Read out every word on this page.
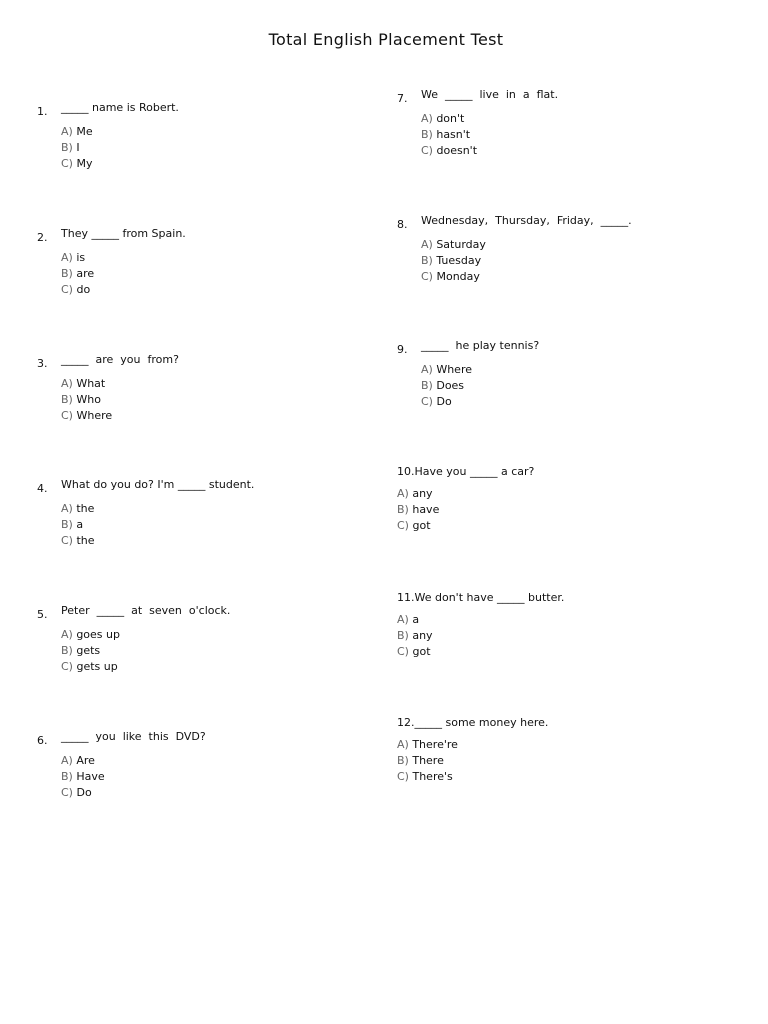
Total English Placement Test
1. _____ name is Robert.
A) Me
B) I
C) My
2. They _____ from Spain.
A) is
B) are
C) do
3. _____  are  you  from?
A) What
B) Who
C) Where
4. What do you do? I'm _____ student.
A) the
B) a
C) the
5. Peter  _____  at  seven  o'clock.
A) goes up
B) gets
C) gets up
6. _____  you  like  this  DVD?
A) Are
B) Have
C) Do
7. We  _____  live  in  a  flat.
A) don't
B) hasn't
C) doesn't
8. Wednesday,  Thursday,  Friday,  _____.
A) Saturday
B) Tuesday
C) Monday
9. _____  he play tennis?
A) Where
B) Does
C) Do
10.Have you _____ a car?
A) any
B) have
C) got
11.We don't have _____ butter.
A) a
B) any
C) got
12._____ some money here.
A) There're
B) There
C) There's
